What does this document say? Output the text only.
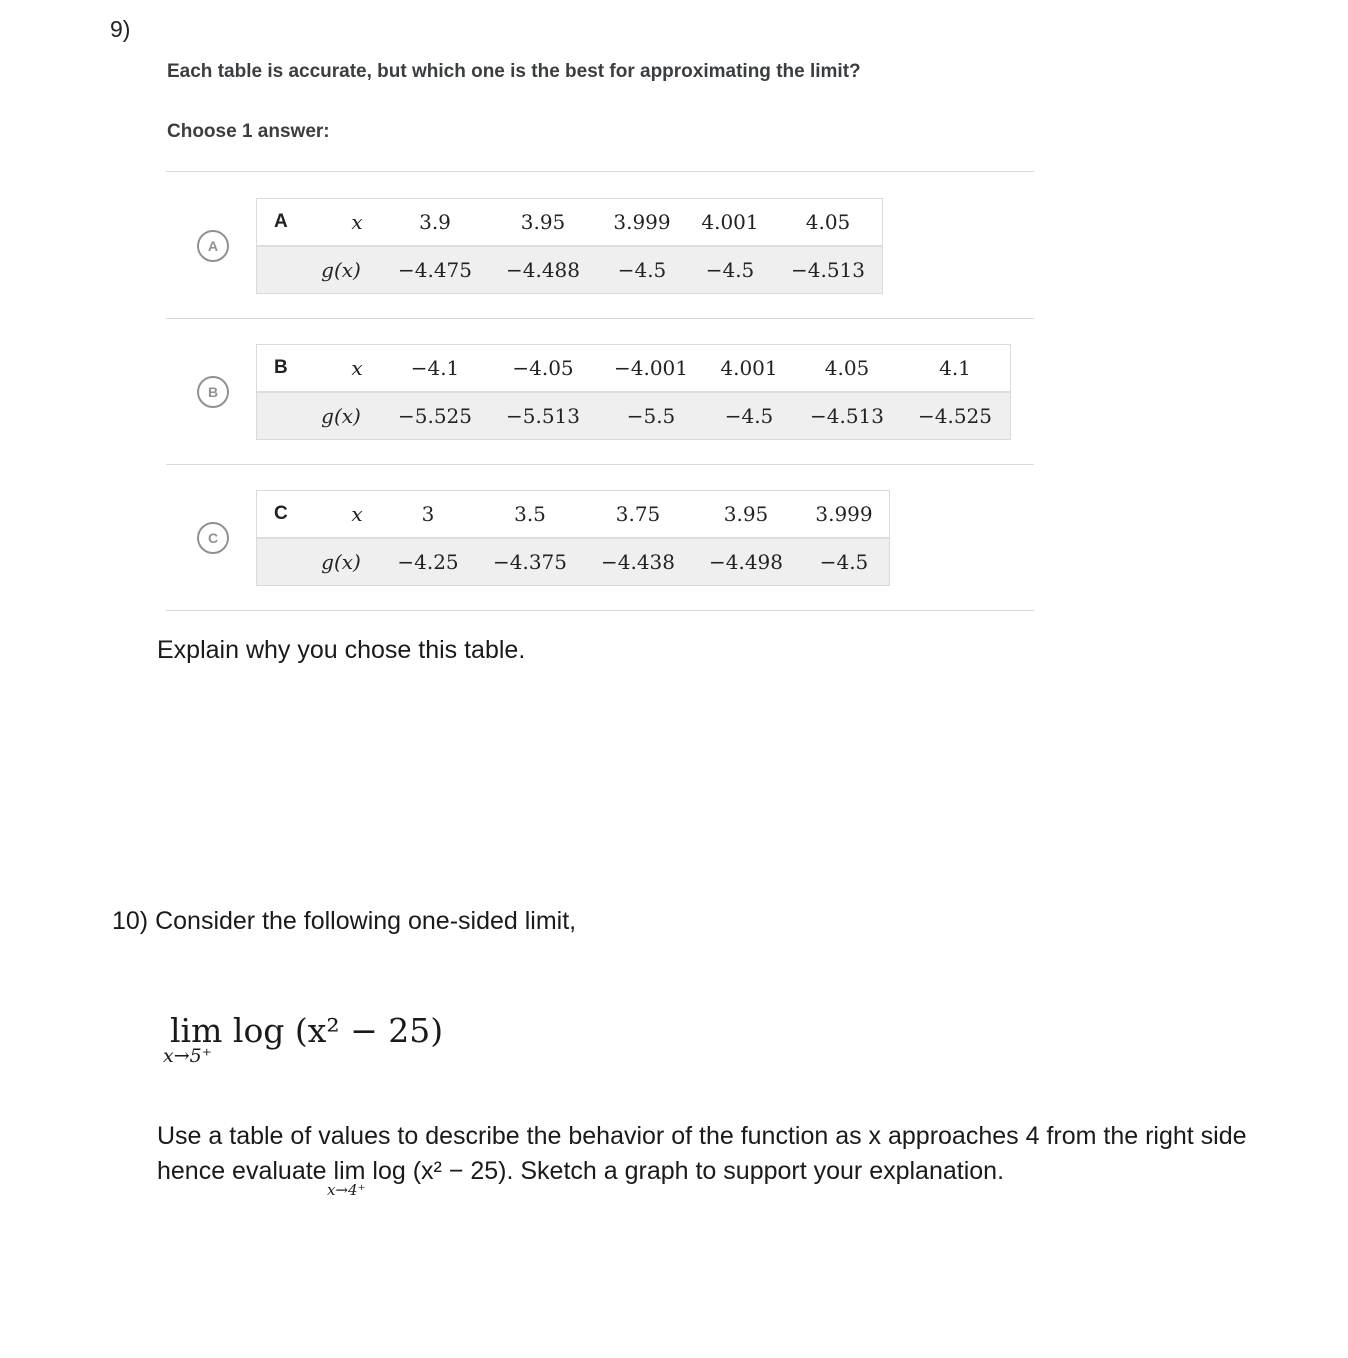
9)
Each table is accurate, but which one is the best for approximating the limit?
Choose 1 answer:
A
A	x	3.9	3.95 3.999 4.001 4.05
g(x) −4.475 −4.488 −4.5 −4.5 −4.513
B
B	x −4.1	−4.05 −4.001 4.001 4.05	4.1
g(x) −5.525 −5.513 −5.5 −4.5 −4.513 −4.525
C
C	x	3	3.5	3.75	3.95 3.999
g(x) −4.25 −4.375 −4.438 −4.498 −4.5
Explain why you chose this table.
10) Consider the following one-sided limit,
lim log (x² − 25)
x→5⁺
Use a table of values to describe the behavior of the function as x approaches 4 from the right side
hence evaluate lim log (x² − 25). Sketch a graph to support your explanation.
x→4⁺
